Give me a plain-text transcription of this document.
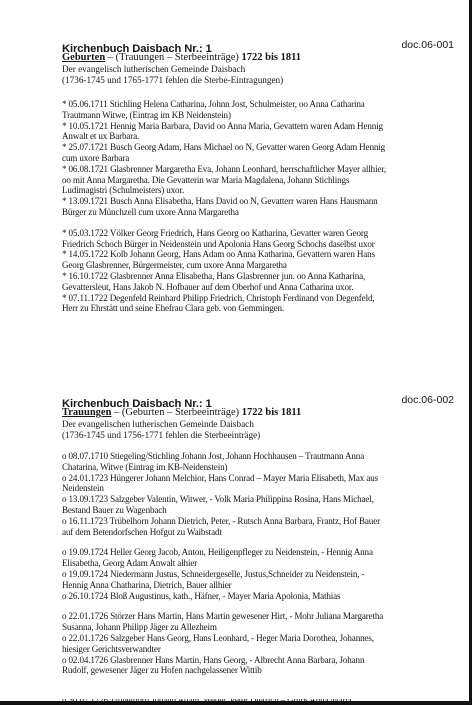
Kirchenbuch Daisbach Nr.: 1	doc.06-001
Geburten – (Trauungen – Sterbeeinträge) 1722 bis 1811
Der evangelisch lutherischen Gemeinde Daisbach
(1736-1745 und 1765-1771 fehlen die Sterbe-Eintragungen)
* 05.06.1711 Stichling Helena Catharina, Johnn Jost, Schulmeister, oo Anna Catharina
Trautmann Witwe, (Eintrag im KB Neidenstein)
* 10.05.1721 Hennig Maria Barbara, David oo Anna Maria, Gevattern waren Adam Hennig
Anwalt et ux Barbara.
* 25.07.1721 Busch Georg Adam, Hans Michael oo N, Gevatter waren Georg Adam Hennig
cum uxore Barbara
* 06.08.1721 Glasbrenner Margaretha Eva, Johann Leonhard, herrschaftlicher Mayer allhier,
oo mit Anna Margaretha. Die Gevatterin war Maria Magdalena, Johann Stichlings
Ludimagistri (Schulmeisters) uxor.
* 13.09.1721 Busch Anna Elisabetha, Hans David oo N, Gevatterr waren Hans Hausmann
Bürger zu Münchzell cum uxore Anna Margaretha
* 05.03.1722 Völker Georg Friedrich, Hans Georg oo Katharina, Gevatter waren Georg
Friedrich Schoch Bürger in Neidenstein und Apolonia Hans Georg Schochs daselbst uxor
* 14.05.1722 Kolb Johann Georg, Hans Adam oo Anna Katharina, Gevattern waren Hans
Georg Glasbrenner, Bürgermeister, cum uxore Anna Margaretha
* 16.10.1722 Glasbrenner Anna Elisabetha, Hans Glasbrenner jun. oo Anna Katharina,
Gevattersleut, Hans Jakob N. Hofbauer auf dem Oberhof und Anna Catharina uxor.
* 07.11.1722 Degenfeld Reinhard Philipp Friedrich, Christoph Ferdinand von Degenfeld,
Herr zu Ehrstätt und seine Ehefrau Clara geb. von Gemmingen.
Kirchenbuch Daisbach Nr.: 1	doc.06-002
Trauungen – (Geburten – Sterbeeinträge) 1722 bis 1811
Der evangelischen lutherischen Gemeinde Daisbach
(1736-1745 und 1756-1771 fehlen die Sterbeeinträge)
o 08.07.1710 Stiegeling/Stichling Johann Jost, Johann Hochhausen – Trautmann Anna
Chatarina, Witwe (Eintrag im KB-Neidenstein)
o 24.01.1723 Hüngerer Johann Melchior, Hans Conrad – Mayer Maria Elisabeth, Max aus
Neidenstein
o 13.09.1723 Salzgeber Valentin, Witwer, - Volk Maria Philippina Rosina, Hans Michael,
Bestand Bauer zu Wagenbach
o 16.11.1723 Trübelhorn Johann Dietrich, Peter, - Rutsch Anna Barbara, Frantz, Hof Bauer
auf dem Betendorfschen Hofgut zu Waibstadt
o 19.09.1724 Heller Georg Jacob, Anton, Heiligenpfleger zu Neidenstein, - Hennig Anna
Elisabetha, Georg Adam Anwalt alhier
o 19.09.1724 Niedermann Justus, Schneidergeselle, Justus,Schneider zu Neidenstein, -
Hennig Anna Chatharina, Dietrich, Bauer allhier
o 26.10.1724 Bloß Augustinus, kath., Häfner, - Mayer Maria Apolonia, Mathias
o 22.01.1726 Störzer Hans Martin, Hans Martin gewesener Hirt, - Mohr Juliana Margaretha
Susanna, Johann Philipp Jäger zu Allezheim
o 22.01.1726 Salzgeber Hans Georg, Hans Leonhard, - Heger Maria Dorothea, Johannes,
hiesiger Gerichtsverwandter
o 02.04.1726 Glasbrenner Hans Martin, Hans Georg, - Albrecht Anna Barbara, Johann
Rudolf, gewesener Jäger zu Hofen nachgelassener Wittib
